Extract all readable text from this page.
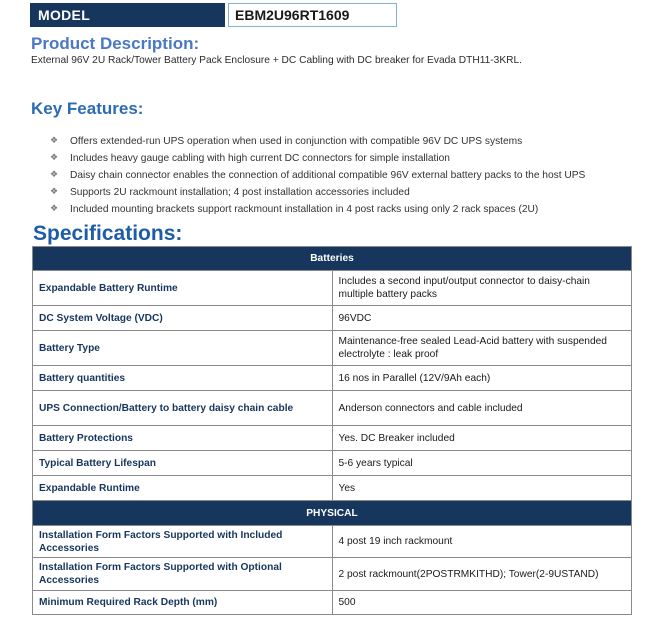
MODEL	EBM2U96RT1609
Product Description:
External 96V 2U Rack/Tower Battery Pack Enclosure + DC Cabling with DC breaker for Evada DTH11-3KRL.
Key Features:
❖ Offers extended-run UPS operation when used in conjunction with compatible 96V DC UPS systems
❖ Includes heavy gauge cabling with high current DC connectors for simple installation
❖ Daisy chain connector enables the connection of additional compatible 96V external battery packs to the host UPS
❖ Supports 2U rackmount installation; 4 post installation accessories included
❖ Included mounting brackets support rackmount installation in 4 post racks using only 2 rack spaces (2U)
Specifications:
Batteries	
Expandable Battery Runtime	Includes a second input/output connector to daisy-chain multiple battery packs
DC System Voltage (VDC)	96VDC
Battery Type	Maintenance-free sealed Lead-Acid battery with suspended electrolyte : leak proof
Battery quantities	16 nos in Parallel (12V/9Ah each)
UPS Connection/Battery to battery daisy chain cable	Anderson connectors and cable included
Battery Protections	Yes. DC Breaker included
Typical Battery Lifespan	5-6 years typical
Expandable Runtime	Yes
PHYSICAL	
Installation Form Factors Supported with Included Accessories	4 post 19 inch rackmount
Installation Form Factors Supported with Optional Accessories	2 post rackmount(2POSTRMKITHD); Tower(2-9USTAND)
Minimum Required Rack Depth (mm)	500
